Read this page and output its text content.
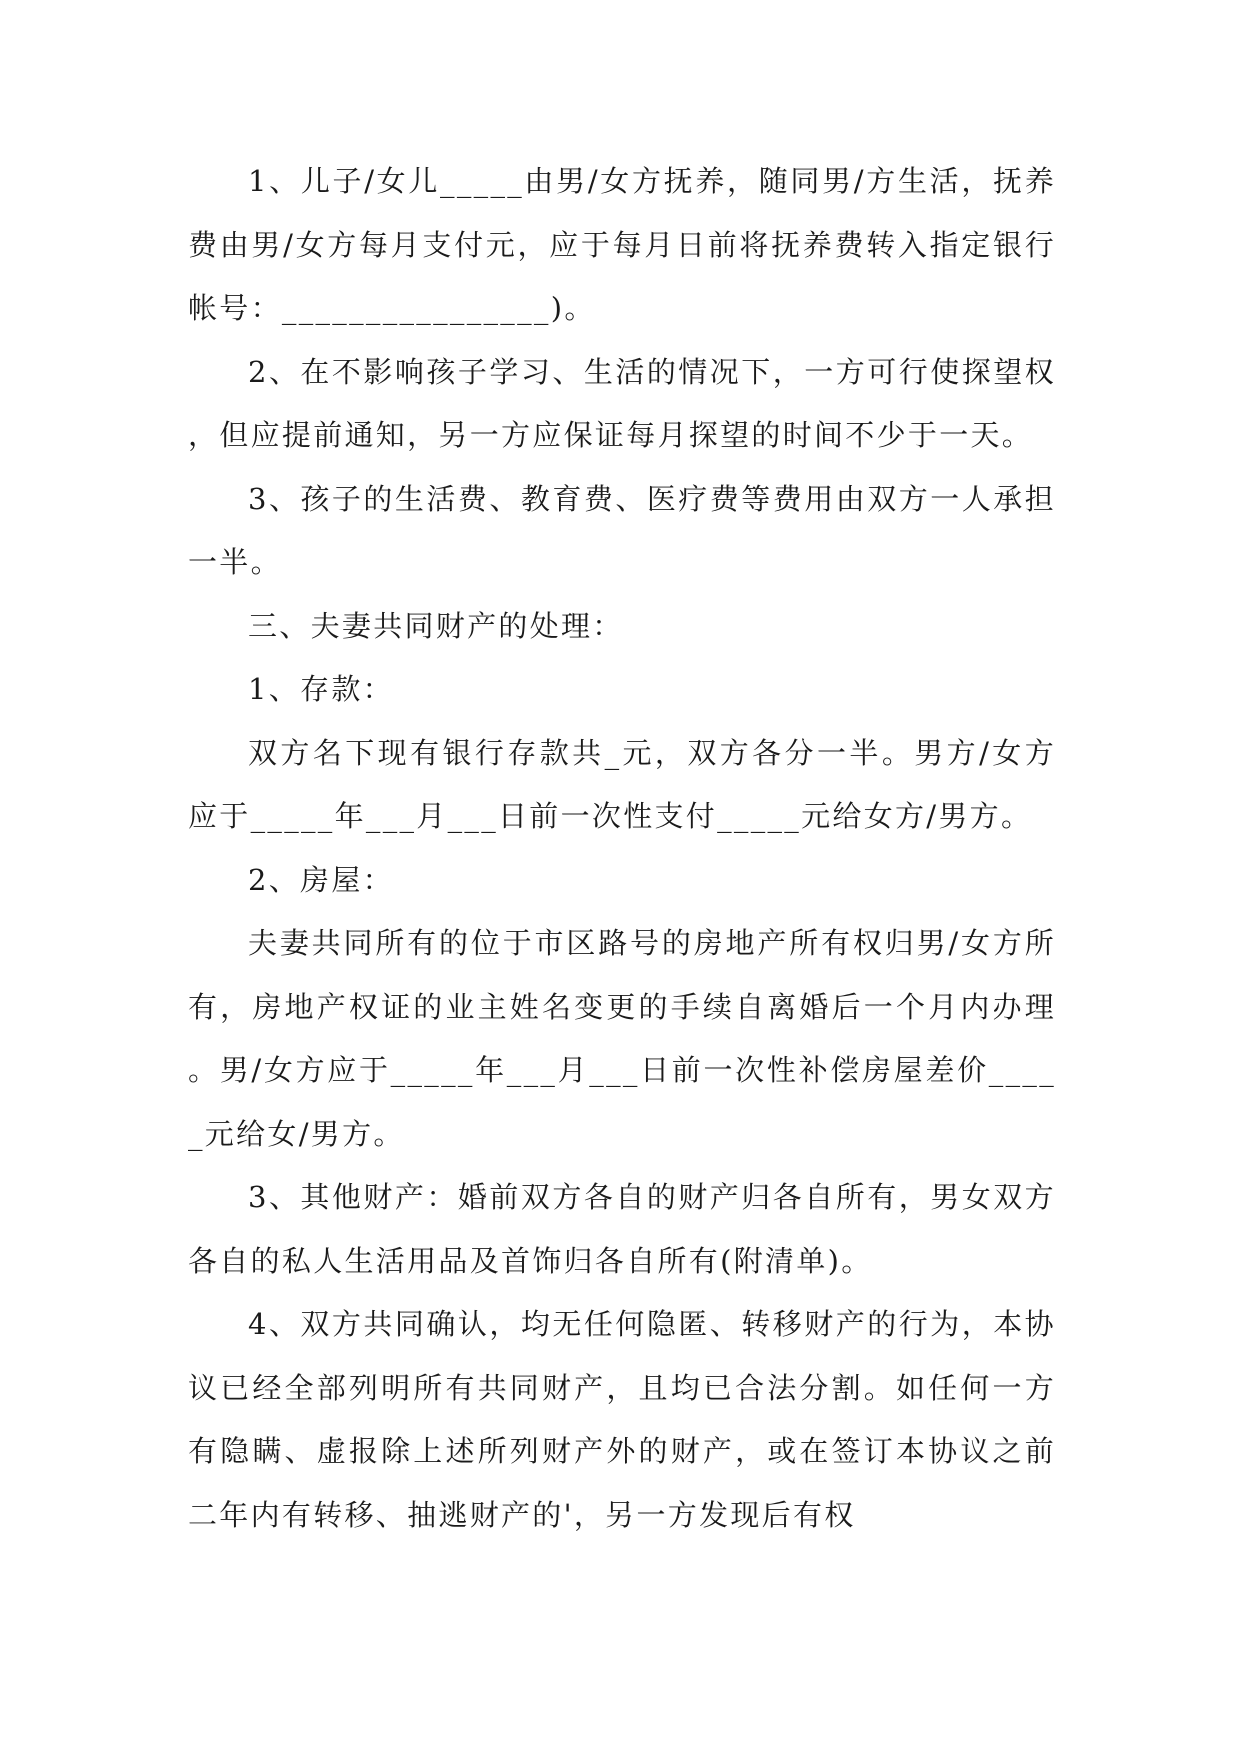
1、儿子/女儿_____由男/女方抚养，随同男/方生活，抚养费由男/女方每月支付元，应于每月日前将抚养费转入指定银行帐号：________________)。

2、在不影响孩子学习、生活的情况下，一方可行使探望权，但应提前通知，另一方应保证每月探望的时间不少于一天。

3、孩子的生活费、教育费、医疗费等费用由双方一人承担一半。

三、夫妻共同财产的处理：

1、存款：

双方名下现有银行存款共_元，双方各分一半。男方/女方应于_____年___月___日前一次性支付_____元给女方/男方。

2、房屋：

夫妻共同所有的位于市区路号的房地产所有权归男/女方所有，房地产权证的业主姓名变更的手续自离婚后一个月内办理。男/女方应于_____年___月___日前一次性补偿房屋差价_____元给女/男方。

3、其他财产：婚前双方各自的财产归各自所有，男女双方各自的私人生活用品及首饰归各自所有(附清单)。

4、双方共同确认，均无任何隐匿、转移财产的行为，本协议已经全部列明所有共同财产，且均已合法分割。如任何一方有隐瞒、虚报除上述所列财产外的财产，或在签订本协议之前二年内有转移、抽逃财产的'，另一方发现后有权
